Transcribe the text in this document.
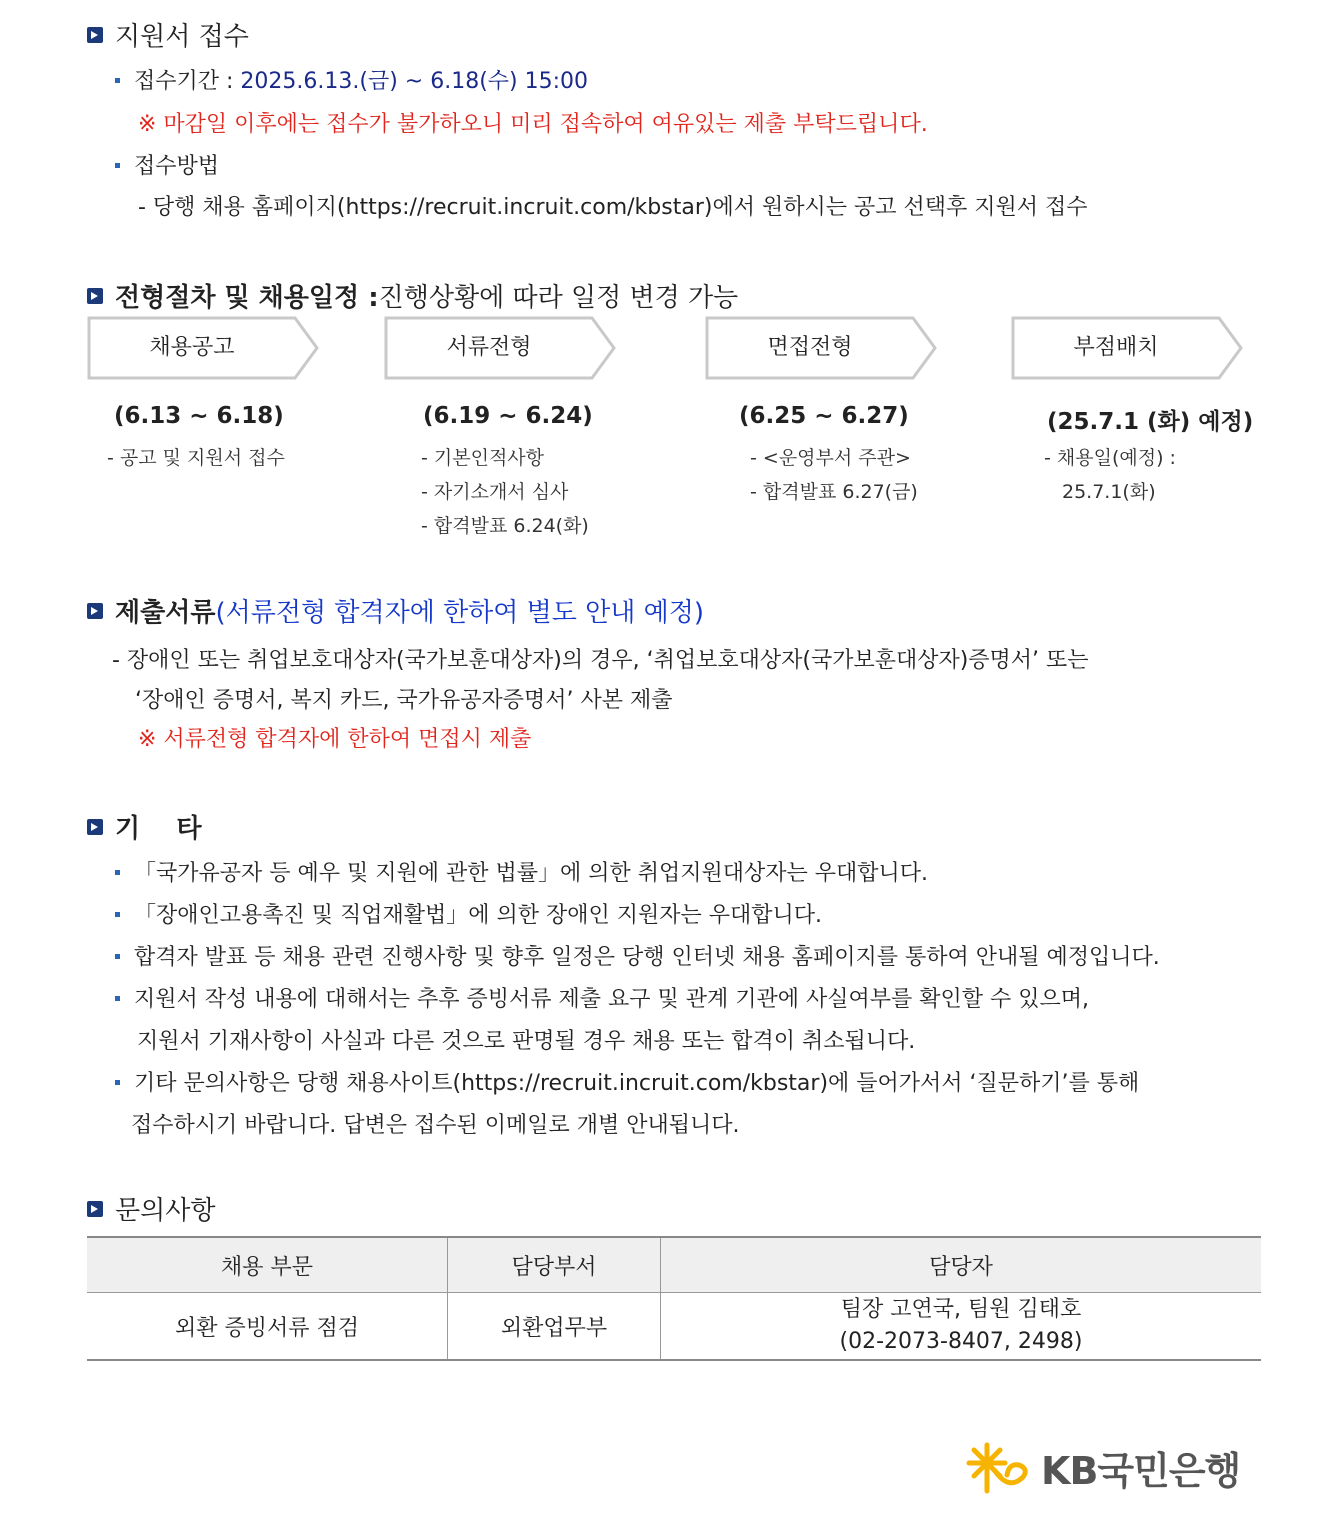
지원서 접수
접수기간 : 2025.6.13.(금) ~ 6.18(수) 15:00
※ 마감일 이후에는 접수가 불가하오니 미리 접속하여 여유있는 제출 부탁드립니다.
접수방법
- 당행 채용 홈페이지(https://recruit.incruit.com/kbstar)에서 원하시는 공고 선택후 지원서 접수
전형절차 및 채용일정 : 진행상황에 따라 일정 변경 가능
채용공고	서류전형	면접전형	부점배치
(6.13 ~ 6.18)
- 공고 및 지원서 접수
(6.19 ~ 6.24)
- 기본인적사항
- 자기소개서 심사
- 합격발표 6.24(화)
(6.25 ~ 6.27)
- <운영부서 주관>
- 합격발표 6.27(금)
(25.7.1 (화) 예정)
- 채용일(예정) :
25.7.1(화)
제출서류 (서류전형 합격자에 한하여 별도 안내 예정)
- 장애인 또는 취업보호대상자(국가보훈대상자)의 경우, ‘취업보호대상자(국가보훈대상자)증명서’ 또는
‘장애인 증명서, 복지 카드, 국가유공자증명서’ 사본 제출
※ 서류전형 합격자에 한하여 면접시 제출
기    타
「국가유공자 등 예우 및 지원에 관한 법률」에 의한 취업지원대상자는 우대합니다.
「장애인고용촉진 및 직업재활법」에 의한 장애인 지원자는 우대합니다.
합격자 발표 등 채용 관련 진행사항 및 향후 일정은 당행 인터넷 채용 홈페이지를 통하여 안내될 예정입니다.
지원서 작성 내용에 대해서는 추후 증빙서류 제출 요구 및 관계 기관에 사실여부를 확인할 수 있으며,
지원서 기재사항이 사실과 다른 것으로 판명될 경우 채용 또는 합격이 취소됩니다.
기타 문의사항은 당행 채용사이트(https://recruit.incruit.com/kbstar)에 들어가서서 ‘질문하기’를 통해
접수하시기 바랍니다. 답변은 접수된 이메일로 개별 안내됩니다.
문의사항
채용 부문	담당부서	담당자
외환 증빙서류 점검	외환업무부	팀장 고연국, 팀원 김태호
(02-2073-8407, 2498)
KB국민은행
